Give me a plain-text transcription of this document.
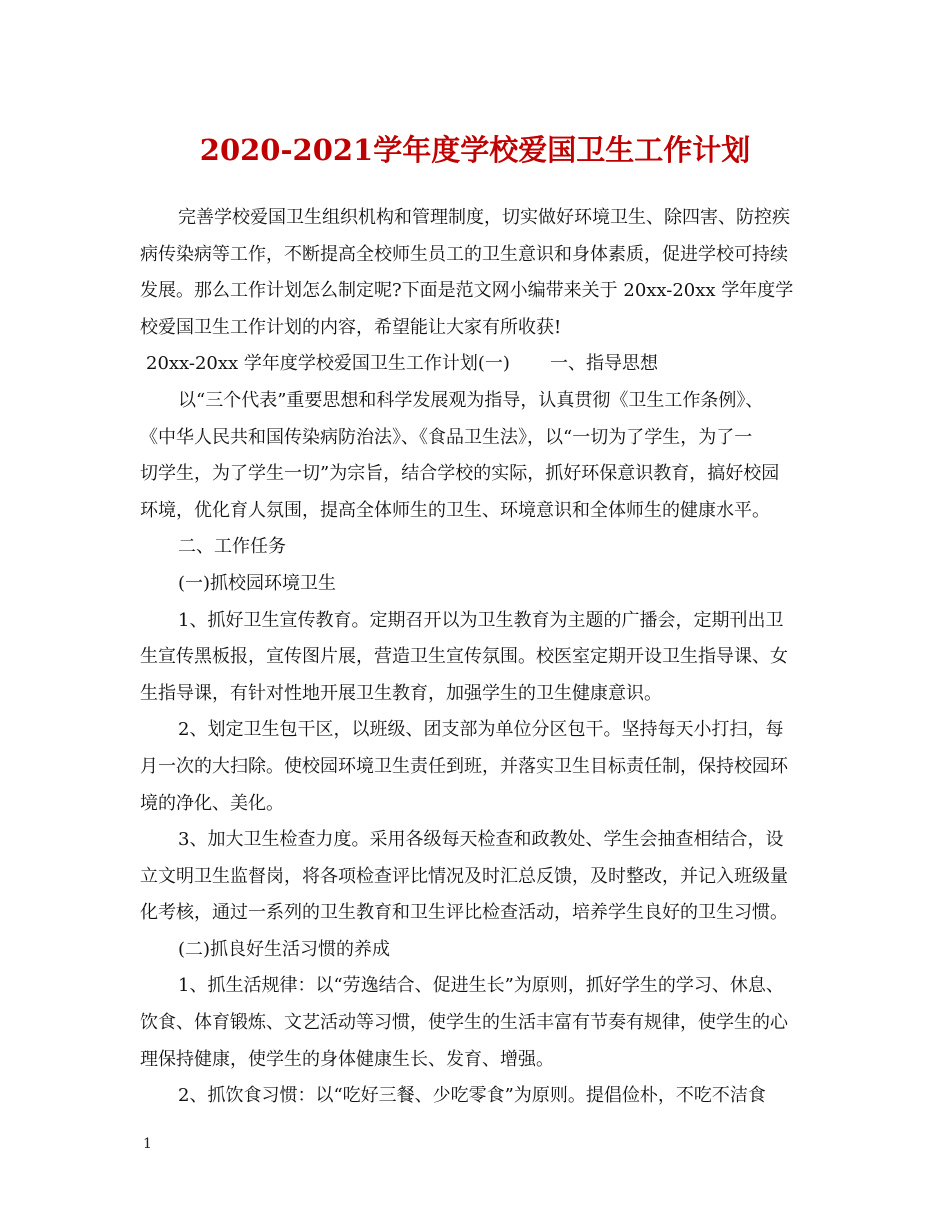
2020-2021学年度学校爱国卫生工作计划
完善学校爱国卫生组织机构和管理制度，切实做好环境卫生、除四害、防控疾
病传染病等工作，不断提高全校师生员工的卫生意识和身体素质，促进学校可持续
发展。那么工作计划怎么制定呢?下面是范文网小编带来关于 20xx-20xx 学年度学
校爱国卫生工作计划的内容，希望能让大家有所收获!
20xx-20xx 学年度学校爱国卫生工作计划(一) 一、指导思想
以“三个代表”重要思想和科学发展观为指导，认真贯彻《卫生工作条例》、
《中华人民共和国传染病防治法》、《食品卫生法》，以“一切为了学生，为了一
切学生，为了学生一切”为宗旨，结合学校的实际，抓好环保意识教育，搞好校园
环境，优化育人氛围，提高全体师生的卫生、环境意识和全体师生的健康水平。
二、工作任务
(一)抓校园环境卫生
1、抓好卫生宣传教育。定期召开以为卫生教育为主题的广播会，定期刊出卫
生宣传黑板报，宣传图片展，营造卫生宣传氛围。校医室定期开设卫生指导课、女
生指导课，有针对性地开展卫生教育，加强学生的卫生健康意识。
2、划定卫生包干区，以班级、团支部为单位分区包干。坚持每天小打扫，每
月一次的大扫除。使校园环境卫生责任到班，并落实卫生目标责任制，保持校园环
境的净化、美化。
3、加大卫生检查力度。采用各级每天检查和政教处、学生会抽查相结合，设
立文明卫生监督岗，将各项检查评比情况及时汇总反馈，及时整改，并记入班级量
化考核，通过一系列的卫生教育和卫生评比检查活动，培养学生良好的卫生习惯。
(二)抓良好生活习惯的养成
1、抓生活规律：以“劳逸结合、促进生长”为原则，抓好学生的学习、休息、
饮食、体育锻炼、文艺活动等习惯，使学生的生活丰富有节奏有规律，使学生的心
理保持健康，使学生的身体健康生长、发育、增强。
2、抓饮食习惯：以“吃好三餐、少吃零食”为原则。提倡俭朴，不吃不洁食
1
